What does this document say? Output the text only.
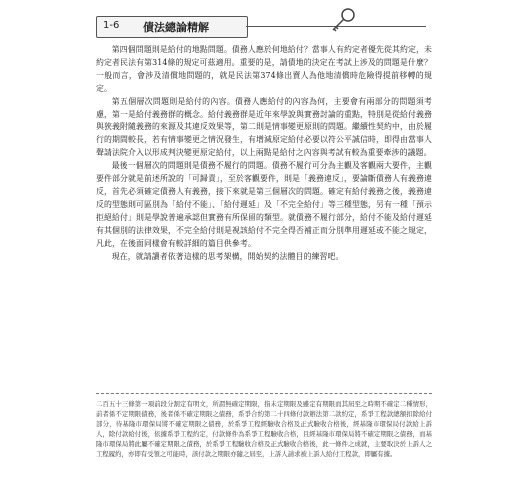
1-6 債法總論精解

第四個問題則是給付的地點問題。債務人應於何地給付？當事人有約定者優先從其約定，未約定者民法有第314條的規定可茲適用。重要的是，請債地的決定在考試上涉及的問題是什麼？一般而言，會涉及清償地問題的，就是民法第374條出賣人為他地清償時危險得提前移轉的規定。

第五個層次問題則是給付的內容。債務人應給付的內容為何，主要會有兩部分的問題須考慮，第一是給付義務群的概念。給付義務群是近年來學說與實務討論的重點，特別是從給付義務與狹義附隨義務的來源及其違反效果等，第二則是情事變更原則的問題。繼續性契約中，由於履行的期間較長，若有情事變更之情況發生，有增減原定給付必要以符公平誠信時，即得由當事人聲請法院介入以形成判決變更原定給付，以上兩點是給付之內容與考試有較為重要牽涉的議題。

最後一個層次的問題則是債務不履行的問題。債務不履行可分為主觀及客觀兩大要件，主觀要件部分就是前述所說的「可歸責」，至於客觀要件，則是「義務違反」，要論斷債務人有義務違反，首先必須確定債務人有義務，接下來就是第三個層次的問題。確定有給付義務之後，義務違反的型態則可區別為「給付不能」、「給付遲延」及「不完全給付」等三種型態，另有一種「預示拒絕給付」則是學說普遍承認但實務有所保留的類型。就債務不履行部分，給付不能及給付遲延有其個別的法律效果，不完全給付則是視該給付不完全得否補正而分別準用遲延或不能之規定，凡此，在後面同樣會有較詳細的篇目供參考。

現在，就請讀者依著這樣的思考架構，開始契約法體目的練習吧。

二百五十三條第一項前段分割定有明文，所謂無確定期限，指未定期限及雖定有期限而其屆至之時期不確定二種情形，前者係不定期限債務，後者係不確定期限之債務，系爭合約第二十四條付款辦法第二款約定，系爭工程款總額扣除給付部分，待基隆市環保局將不確定期限之債務，於系爭工程經驗收合格及正式驗收合格後，經基隆市環保局付款給上訴人，除付款給付後，依據系爭工程約定，付款條件為系爭工程驗收合格，且經基隆市環保局將不確定期限之債務，而基隆市環保局將此屬不確定期限之債務，於系爭工程驗收合格及正式驗收合格後，此一條件之成就，主要取決於上訴人之工程履約，亦即有受領之可能時，該付款之期限亦隨之屆至，上訴人請求被上訴人給付工程款，即屬有據。
